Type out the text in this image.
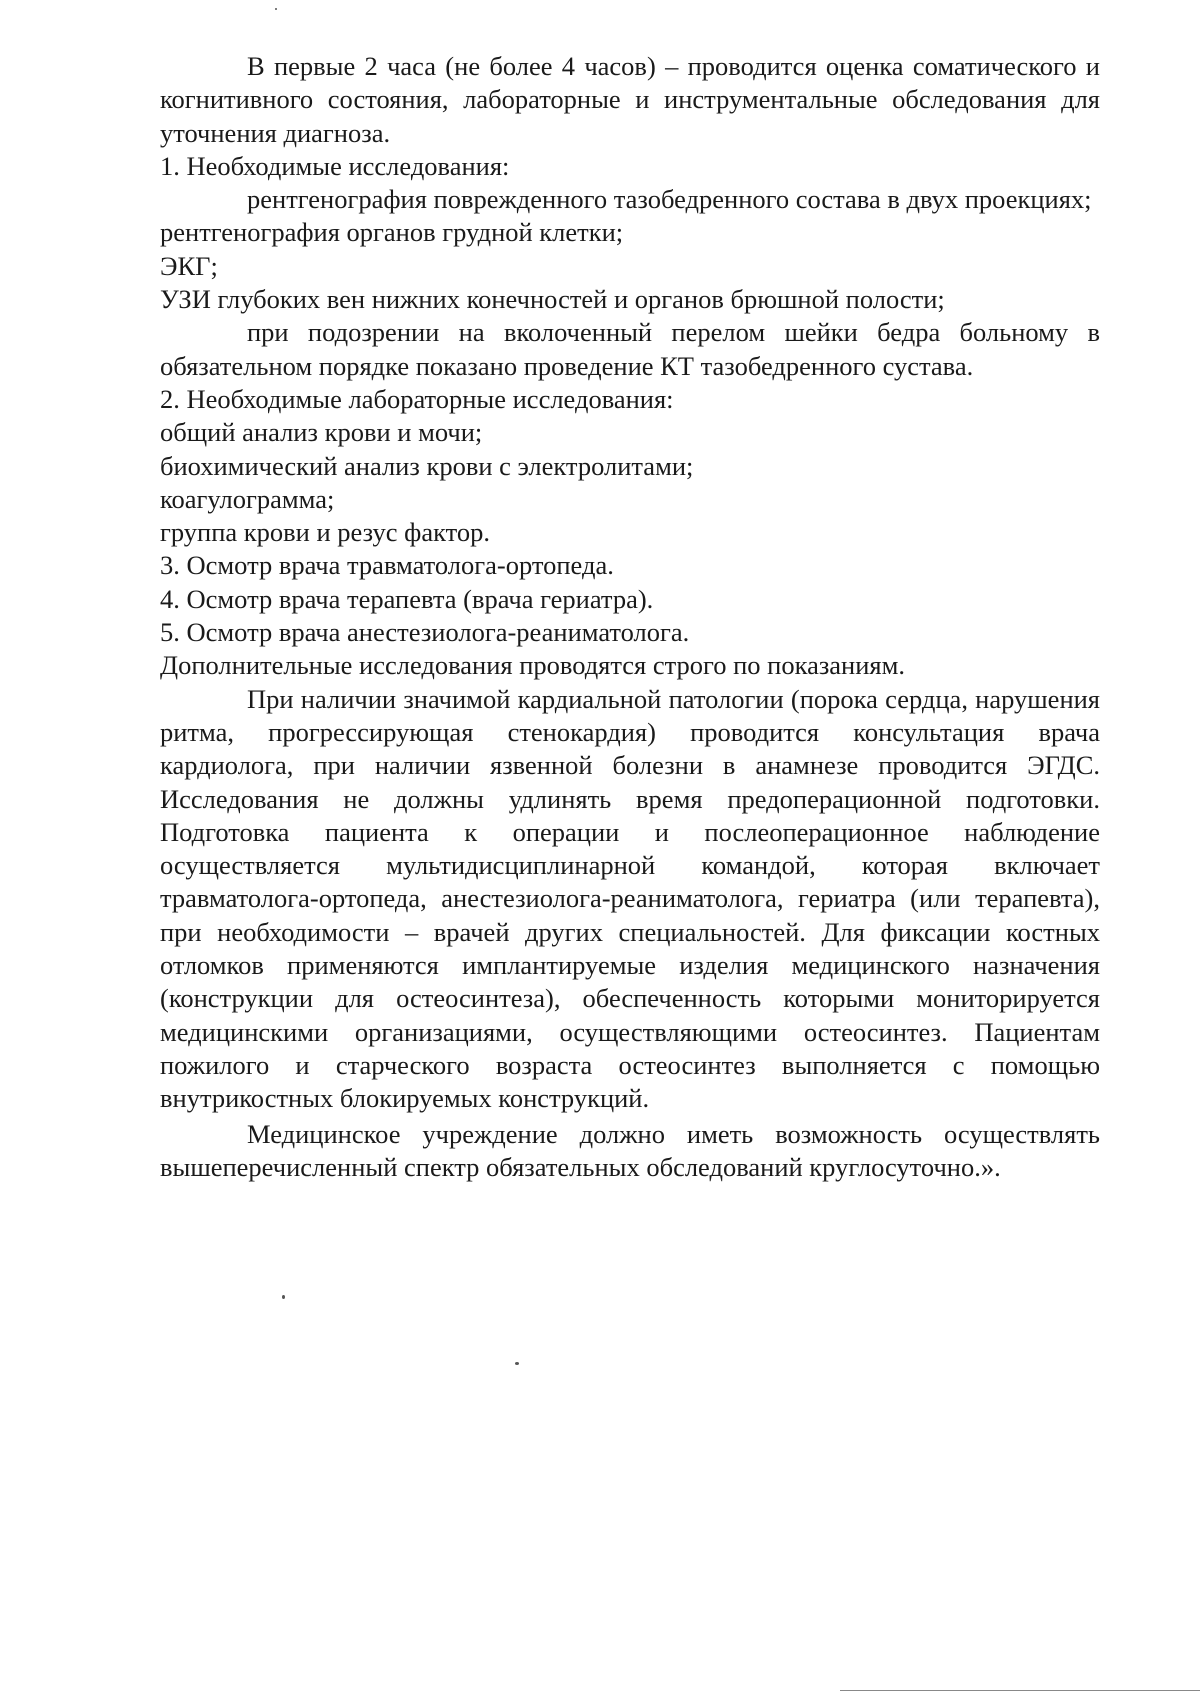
В первые 2 часа (не более 4 часов) – проводится оценка соматического и когнитивного состояния, лабораторные и инструментальные обследования для уточнения диагноза.

1. Необходимые исследования:

рентгенография поврежденного тазобедренного состава в двух проекциях;

рентгенография органов грудной клетки;

ЭКГ;

УЗИ глубоких вен нижних конечностей и органов брюшной полости;

при подозрении на вколоченный перелом шейки бедра больному в обязательном порядке показано проведение КТ тазобедренного сустава.

2. Необходимые лабораторные исследования:

общий анализ крови и мочи;

биохимический анализ крови с электролитами;

коагулограмма;

группа крови и резус фактор.

3. Осмотр врача травматолога-ортопеда.

4. Осмотр врача терапевта (врача гериатра).

5. Осмотр врача анестезиолога-реаниматолога.

Дополнительные исследования проводятся строго по показаниям.

При наличии значимой кардиальной патологии (порока сердца, нарушения ритма, прогрессирующая стенокардия) проводится консультация врача кардиолога, при наличии язвенной болезни в анамнезе проводится ЭГДС. Исследования не должны удлинять время предоперационной подготовки. Подготовка пациента к операции и послеоперационное наблюдение осуществляется мультидисциплинарной командой, которая включает травматолога-ортопеда, анестезиолога-реаниматолога, гериатра (или терапевта), при необходимости – врачей других специальностей. Для фиксации костных отломков применяются имплантируемые изделия медицинского назначения (конструкции для остеосинтеза), обеспеченность которыми мониторируется медицинскими организациями, осуществляющими остеосинтез. Пациентам пожилого и старческого возраста остеосинтез выполняется с помощью внутрикостных блокируемых конструкций.

Медицинское учреждение должно иметь возможность осуществлять вышеперечисленный спектр обязательных обследований круглосуточно.».
